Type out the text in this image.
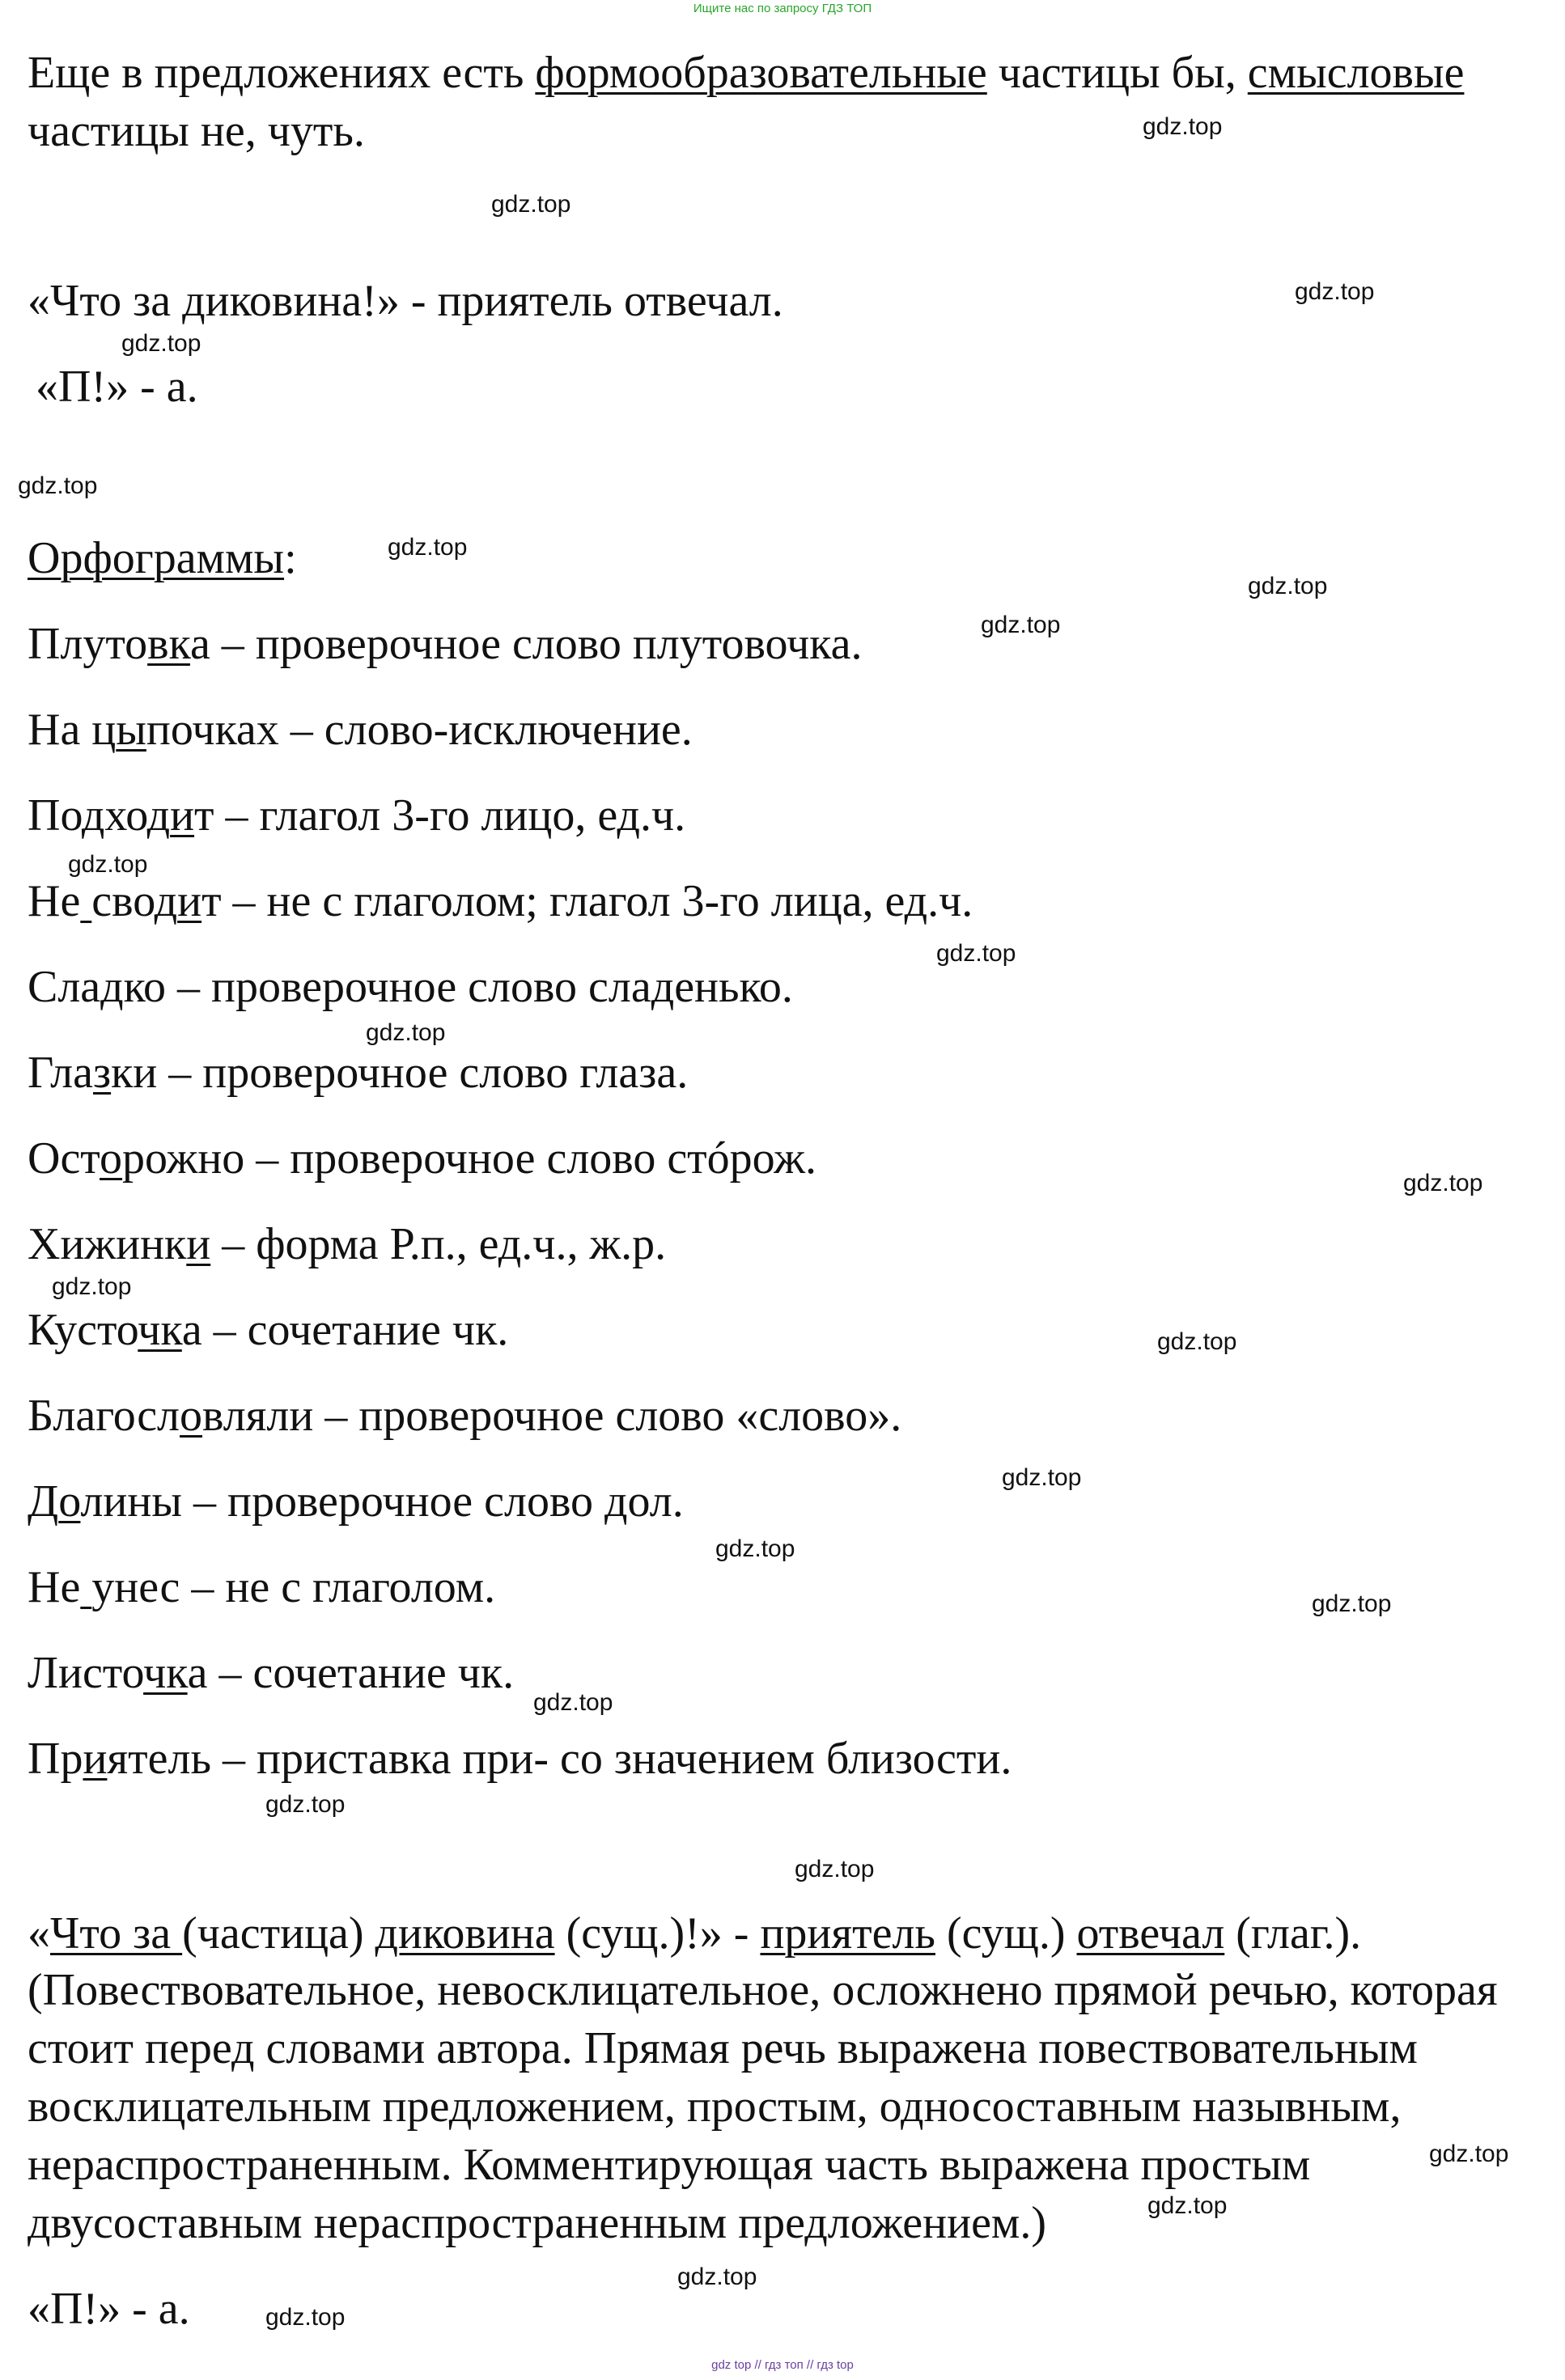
Ищите нас по запросу ГДЗ ТОП
Еще в предложениях есть формообразовательные частицы бы, смысловые
частицы не, чуть.
«Что за диковина!» - приятель отвечал.
«П!» - а.
Орфограммы:
Плутовка – проверочное слово плутовочка.
На цыпочках – слово-исключение.
Подходит – глагол 3-го лицо, ед.ч.
Не сводит – не с глаголом; глагол 3-го лица, ед.ч.
Сладко – проверочное слово сладенько.
Глазки – проверочное слово глаза.
Осторожно – проверочное слово стóрож.
Хижинки – форма Р.п., ед.ч., ж.р.
Кусточка – сочетание чк.
Благословляли – проверочное слово «слово».
Долины – проверочное слово дол.
Не унес – не с глаголом.
Листочка – сочетание чк.
Приятель – приставка при- со значением близости.
«Что за (частица) диковина (сущ.)!» - приятель (сущ.) отвечал (глаг.).
(Повествовательное, невосклицательное, осложнено прямой речью, которая стоит перед словами автора. Прямая речь выражена повествовательным восклицательным предложением, простым, односоставным назывным, нераспространенным. Комментирующая часть выражена простым двусоставным нераспространенным предложением.)
«П!» - а.
gdz.top
gdz.top
gdz.top
gdz.top
gdz.top
gdz.top
gdz.top
gdz.top
gdz.top
gdz.top
gdz.top
gdz.top
gdz.top
gdz.top
gdz.top
gdz.top
gdz.top
gdz.top
gdz.top
gdz.top
gdz.top
gdz.top
gdz.top
gdz.top
gdz top // гдз топ // гдз top
